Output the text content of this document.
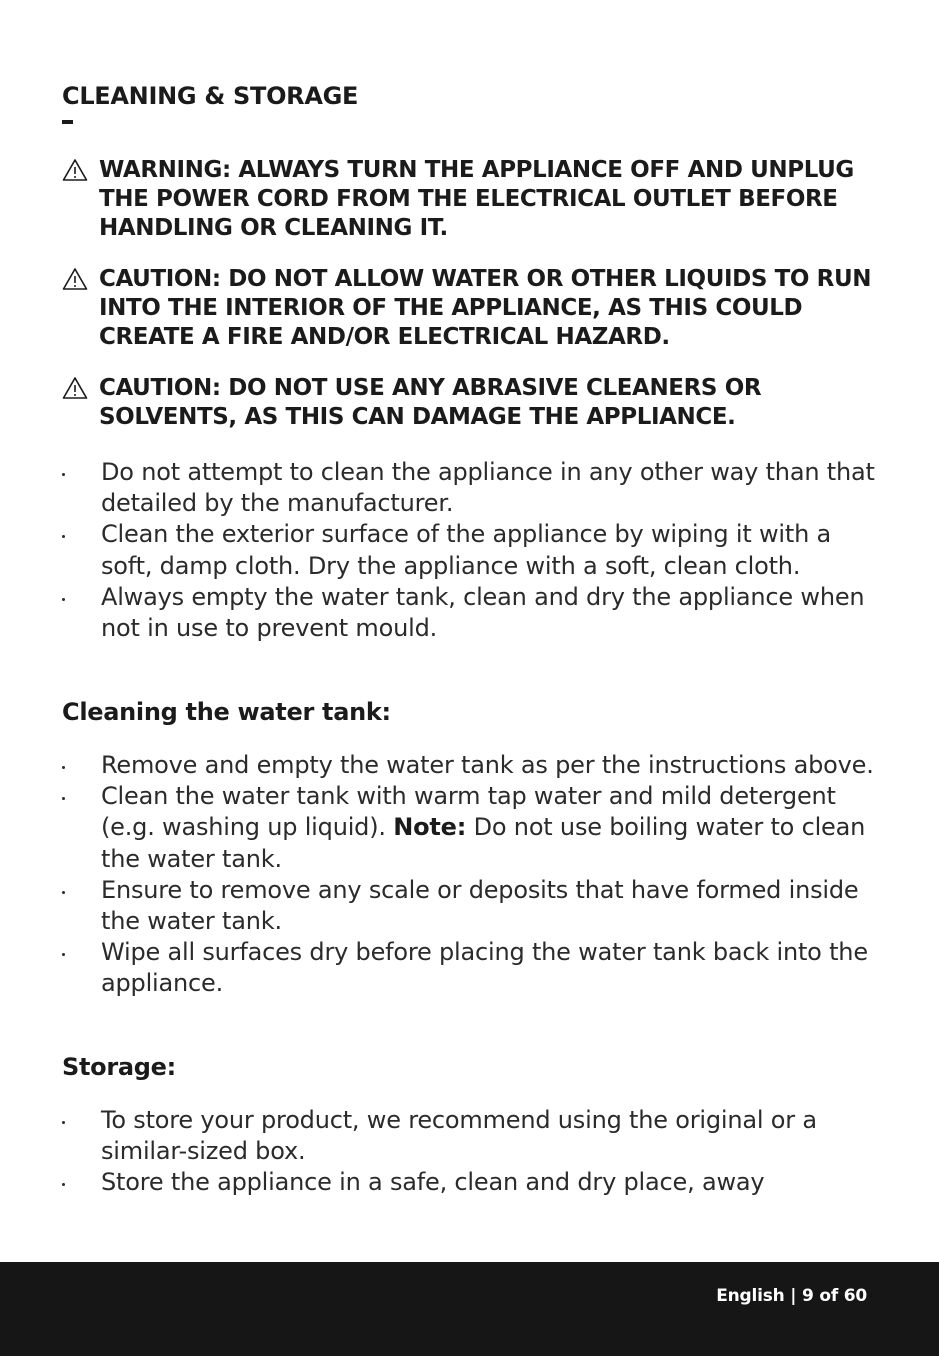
CLEANING & STORAGE
WARNING: ALWAYS TURN THE APPLIANCE OFF AND UNPLUG THE POWER CORD FROM THE ELECTRICAL OUTLET BEFORE HANDLING OR CLEANING IT.
CAUTION: DO NOT ALLOW WATER OR OTHER LIQUIDS TO RUN INTO THE INTERIOR OF THE APPLIANCE, AS THIS COULD CREATE A FIRE AND/OR ELECTRICAL HAZARD.
CAUTION: DO NOT USE ANY ABRASIVE CLEANERS OR SOLVENTS, AS THIS CAN DAMAGE THE APPLIANCE.
Do not attempt to clean the appliance in any other way than that detailed by the manufacturer.
Clean the exterior surface of the appliance by wiping it with a soft, damp cloth. Dry the appliance with a soft, clean cloth.
Always empty the water tank, clean and dry the appliance when not in use to prevent mould.
Cleaning the water tank:
Remove and empty the water tank as per the instructions above.
Clean the water tank with warm tap water and mild detergent (e.g. washing up liquid). Note: Do not use boiling water to clean the water tank.
Ensure to remove any scale or deposits that have formed inside the water tank.
Wipe all surfaces dry before placing the water tank back into the appliance.
Storage:
To store your product, we recommend using the original or a similar-sized box.
Store the appliance in a safe, clean and dry place, away
English | 9 of 60
